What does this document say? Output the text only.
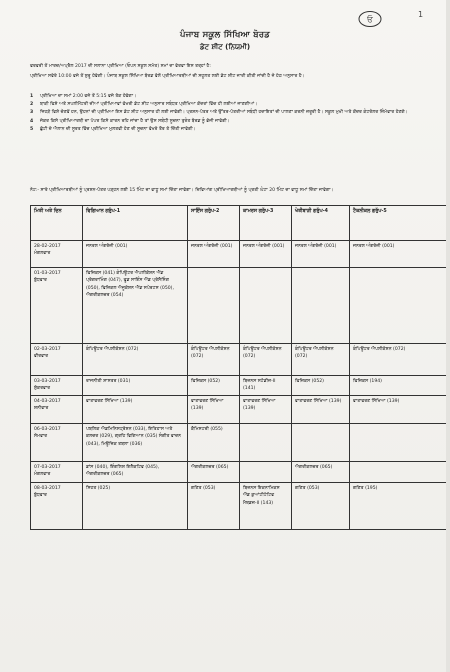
ਓ
1
ਪੰਜਾਬ ਸਕੂਲ ਸਿੱਖਿਆ ਬੋਰਡ
ਡੇਟ ਸ਼ੀਟ (ਨਿਯਮੀ)
ਫਰਵਰੀ ਤੋਂ ਮਾਰਚ/ਅਪ੍ਰੈਲ 2017 ਦੀ ਸਲਾਨਾ ਪ੍ਰੀਖਿਆ (ਓਪਨ ਸਕੂਲ ਸਮੇਤ) ਸਮਾਂ ਦਾ ਵੇਰਵਾ ਇਸ ਤਰ੍ਹਾਂ ਹੈ:
ਪ੍ਰੀਖਿਆ ਸਵੇਰੇ 10:00 ਵਜੇ ਤੋਂ ਸ਼ੁਰੂ ਹੋਵੇਗੀ। ਪੰਜਾਬ ਸਕੂਲ ਸਿੱਖਿਆ ਬੋਰਡ ਵੱਲੋਂ ਪ੍ਰੀਖਿਆਰਥੀਆਂ ਦੀ ਸਹੂਲਤ ਲਈ ਡੇਟ ਸ਼ੀਟ ਜਾਰੀ ਕੀਤੀ ਜਾਂਦੀ ਹੈ ਜੋ ਹੇਠ ਅਨੁਸਾਰ ਹੈ।
1 ਪ੍ਰੀਖਿਆ ਦਾ ਸਮਾਂ 2:00 ਵਜੇ ਤੋਂ 5:15 ਵਜੇ ਤੱਕ ਹੋਵੇਗਾ।
2 ਬਾਕੀ ਵਿਸ਼ੇ ਅਤੇ ਸਪਲੀਮੈਂਟਰੀ ਦੀਆਂ ਪ੍ਰੀਖਿਆਵਾਂ ਵੱਖਰੀ ਡੇਟ ਸ਼ੀਟ ਅਨੁਸਾਰ ਸਬੰਧਤ ਪ੍ਰੀਖਿਆ ਕੇਂਦਰਾਂ ਵਿੱਚ ਹੀ ਲਈਆਂ ਜਾਣਗੀਆਂ।
3 ਜਿਹੜੇ ਵਿਸ਼ੇ ਚੋਣਵੇਂ ਹਨ, ਉਹਨਾਂ ਦੀ ਪ੍ਰੀਖਿਆ ਇਸ ਡੇਟ ਸ਼ੀਟ ਅਨੁਸਾਰ ਹੀ ਲਈ ਜਾਵੇਗੀ। ਪ੍ਰਸ਼ਨ-ਪੱਤਰ ਅਤੇ ਉੱਤਰ-ਪੱਤਰੀਆਂ ਸਬੰਧੀ ਹਦਾਇਤਾਂ ਦੀ ਪਾਲਣਾ ਕਰਨੀ ਜ਼ਰੂਰੀ ਹੈ। ਸਕੂਲ ਮੁਖੀ ਅਤੇ ਕੇਂਦਰ ਕੰਟਰੋਲਰ ਜ਼ਿੰਮੇਵਾਰ ਹੋਣਗੇ।
4 ਜੇਕਰ ਕਿਸੇ ਪ੍ਰੀਖਿਆਰਥੀ ਦਾ ਪੇਪਰ ਕਿਸੇ ਕਾਰਨ ਰਹਿ ਜਾਂਦਾ ਹੈ ਤਾਂ ਉਸ ਸਬੰਧੀ ਸੂਚਨਾ ਤੁਰੰਤ ਬੋਰਡ ਨੂੰ ਭੇਜੀ ਜਾਵੇਗੀ।
5 ਛੁੱਟੀ ਦੇ ਐਲਾਨ ਦੀ ਸੂਰਤ ਵਿੱਚ ਪ੍ਰੀਖਿਆ ਮੁਲਤਵੀ ਹੋਣ ਦੀ ਸੂਚਨਾ ਵੱਖਰੇ ਤੌਰ ਤੇ ਦਿੱਤੀ ਜਾਵੇਗੀ।
ਨੋਟ:- ਸਾਰੇ ਪ੍ਰੀਖਿਆਰਥੀਆਂ ਨੂੰ ਪ੍ਰਸ਼ਨ-ਪੱਤਰ ਪੜ੍ਹਨ ਲਈ 15 ਮਿੰਟ ਦਾ ਵਾਧੂ ਸਮਾਂ ਦਿੱਤਾ ਜਾਵੇਗਾ। ਦਿਵਿਆਂਗ ਪ੍ਰੀਖਿਆਰਥੀਆਂ ਨੂੰ ਪ੍ਰਤੀ ਘੰਟਾ 20 ਮਿੰਟ ਦਾ ਵਾਧੂ ਸਮਾਂ ਦਿੱਤਾ ਜਾਵੇਗਾ।
ਮਿਤੀ ਅਤੇ ਦਿਨ	ਵਿਗਿਆਨ ਗਰੁੱਪ-1	ਸਾਇੰਸ ਗਰੁੱਪ-2	ਕਾਮਰਸ ਗਰੁੱਪ-3	ਖੇਤੀਬਾੜੀ ਗਰੁੱਪ-4	ਟੈਕਨੀਕਲ ਗਰੁੱਪ-5

28-02-2017
ਮੰਗਲਵਾਰ	ਜਨਰਲ ਅੰਗਰੇਜ਼ੀ (001)	ਜਨਰਲ ਅੰਗਰੇਜ਼ੀ (001)	ਜਨਰਲ ਅੰਗਰੇਜ਼ੀ (001)	ਜਨਰਲ ਅੰਗਰੇਜ਼ੀ (001)	ਜਨਰਲ ਅੰਗਰੇਜ਼ੀ (001)

01-03-2017
ਬੁੱਧਵਾਰ	ਫਿਜ਼ਿਕਸ (041) ਕੰਪਿਊਟਰ ਐਪਲੀਕੇਸ਼ਨ ਐਂਡ ਪ੍ਰੋਗਰਾਮਿੰਗ (047), ਫੂਡ ਸਾਇੰਸ ਐਂਡ ਪ੍ਰੋਸੈਸਿੰਗ (050), ਫਿਜ਼ਿਕਲ ਐਜੂਕੇਸ਼ਨ ਐਂਡ ਸਪੋਰਟਸ (050), ਐਗਰੀਕਲਚਰ (054)				

02-03-2017
ਵੀਰਵਾਰ	ਕੰਪਿਊਟਰ ਐਪਲੀਕੇਸ਼ਨ (072)	ਕੰਪਿਊਟਰ ਐਪਲੀਕੇਸ਼ਨ (072)	ਕੰਪਿਊਟਰ ਐਪਲੀਕੇਸ਼ਨ (072)	ਕੰਪਿਊਟਰ ਐਪਲੀਕੇਸ਼ਨ (072)	ਕੰਪਿਊਟਰ ਐਪਲੀਕੇਸ਼ਨ (072)

03-03-2017
ਸ਼ੁੱਕਰਵਾਰ	ਰਾਜਨੀਤੀ ਸ਼ਾਸਤਰ (031)	ਫਿਜ਼ਿਕਸ (052)	ਬਿਜ਼ਨਸ ਸਟੱਡੀਜ਼-II (141)	ਫਿਜ਼ਿਕਸ (052)	ਫਿਜ਼ਿਕਸ (194)

04-03-2017
ਸ਼ਨੀਵਾਰ	ਵਾਤਾਵਰਣ ਸਿੱਖਿਆ (139)	ਵਾਤਾਵਰਣ ਸਿੱਖਿਆ (139)	ਵਾਤਾਵਰਣ ਸਿੱਖਿਆ (139)	ਵਾਤਾਵਰਣ ਸਿੱਖਿਆ (139)	ਵਾਤਾਵਰਣ ਸਿੱਖਿਆ (139)

06-03-2017
ਸੋਮਵਾਰ	ਪਬਲਿਕ ਐਡਮਿਨਿਸਟ੍ਰੇਸ਼ਨ (033), ਇਤਿਹਾਸ ਅਤੇ ਕਲਚਰ (029), ਗ੍ਰਹਿ ਵਿਗਿਆਨ (035) ਸੰਗੀਤ ਵਾਦਨ (043), ਮਿਊਜ਼ਿਕ ਤਬਲਾ (036)	ਕੈਮਿਸਟਰੀ (055)			

07-03-2017
ਮੰਗਲਵਾਰ	ਡਾਂਸ (040), ਇੰਗਲਿਸ਼ ਇਲੈਕਟਿਵ (045), ਐਗਰੀਕਲਚਰ (065)	ਐਗਰੀਕਲਚਰ (065)		ਐਗਰੀਕਲਚਰ (065)	

08-03-2017
ਬੁੱਧਵਾਰ	ਸਿਹਤ (025)	ਗਣਿਤ (053)	ਬਿਜ਼ਨਸ ਇਕਨਾਮਿਕਸ ਐਂਡ ਕੁਆਂਟੀਟੇਟਿਵ ਮੈਥਡਜ਼-II (143)	ਗਣਿਤ (053)	ਗਣਿਤ (195)
